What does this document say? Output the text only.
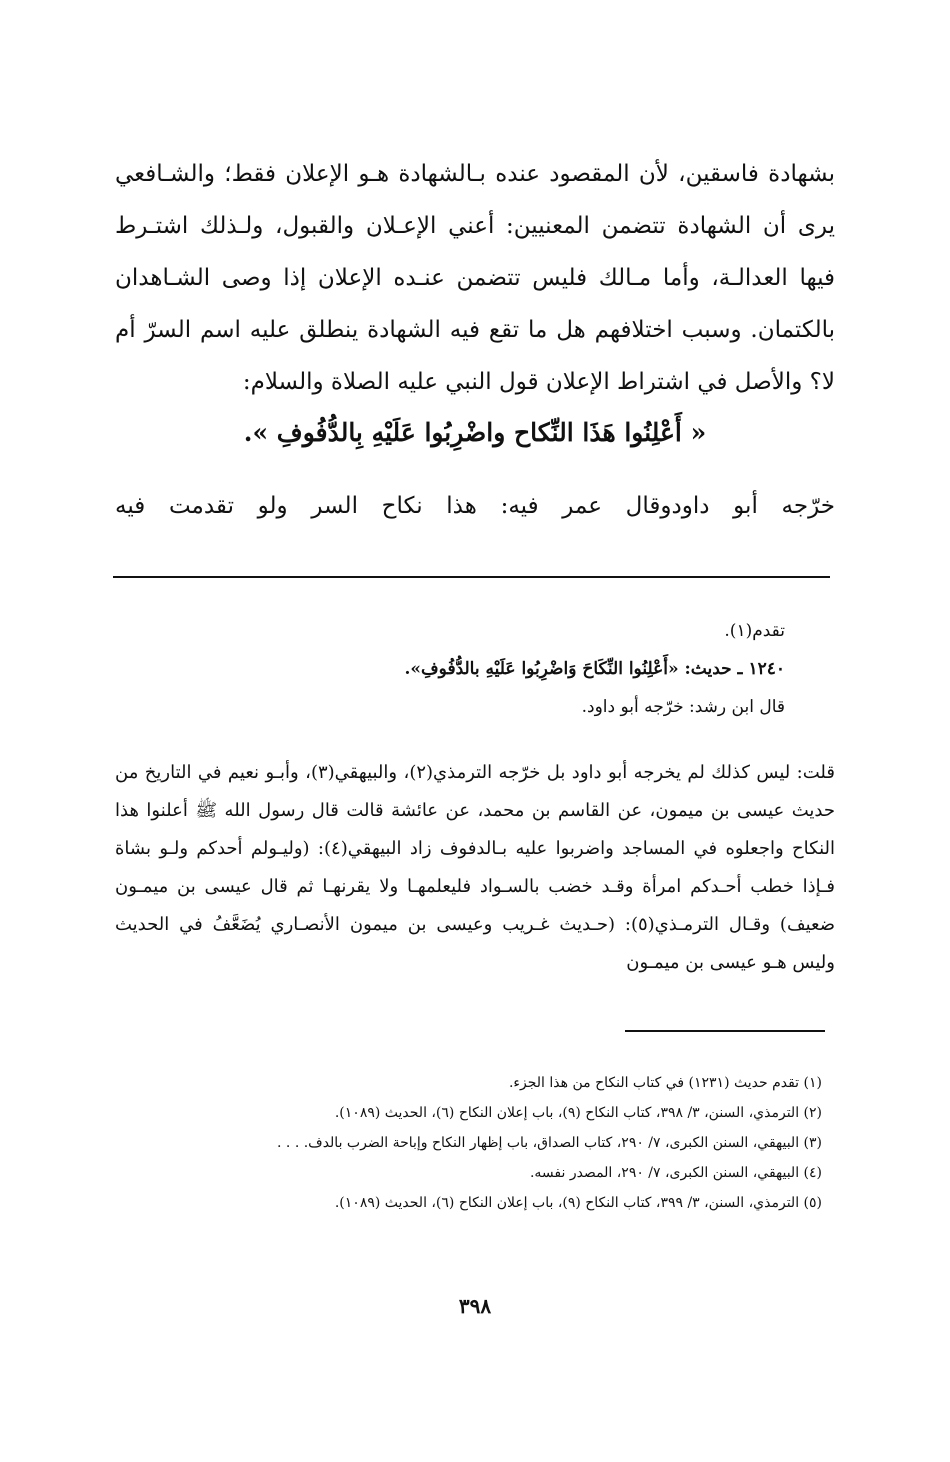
بشهادة فاسقين، لأن المقصود عنده بـالشهادة هـو الإعلان فقط؛ والشـافعي يرى أن الشهادة تتضمن المعنيين: أعني الإعـلان والقبول، ولـذلك اشتـرط فيها العدالـة، وأما مـالك فليس تتضمن عنـده الإعلان إذا وصى الشـاهدان بالكتمان. وسبب اختلافهم هل ما تقع فيه الشهادة ينطلق عليه اسم السرّ أم لا؟ والأصل في اشتراط الإعلان قول النبي عليه الصلاة والسلام:

« أَعْلِنُوا هَذَا النِّكاح واضْرِبُوا عَلَيْهِ بِالدُّفُوفِ ».
خرّجه أبو داودوقال عمر فيه: هذا نكاح السر ولو تقدمت فيه
تقدم(١).
١٢٤٠ ـ حديث: «أَعْلِنُوا النِّكَاحَ وَاضْرِبُوا عَلَيْهِ بالدُّفُوفِ».
قال ابن رشد: خرّجه أبو داود.
قلت: ليس كذلك لم يخرجه أبو داود بل خرّجه الترمذي(٢)، والبيهقي(٣)، وأبـو نعيم في التاريخ من حديث عيسى بن ميمون، عن القاسم بن محمد، عن عائشة قالت قال رسول الله ﷺ أعلنوا هذا النكاح واجعلوه في المساجد واضربوا عليه بـالدفوف زاد البيهقي(٤): (وليـولم أحدكم ولـو بشاة فـإذا خطب أحـدكم امرأة وقـد خضب بالسـواد فليعلمهـا ولا يقرنهـا ثم قال عيسى بن ميمـون ضعيف) وقـال الترمـذي(٥): (حـديث غـريب وعيسى بن ميمون الأنصـاري يُضَعَّفُ في الحديث وليس هـو عيسى بن ميمـون
(١) تقدم حديث (١٢٣١) في كتاب النكاح من هذا الجزء.
(٢) الترمذي، السنن، ٣/ ٣٩٨، كتاب النكاح (٩)، باب إعلان النكاح (٦)، الحديث (١٠٨٩).
(٣) البيهقي، السنن الكبرى، ٧/ ٢٩٠، كتاب الصداق، باب إظهار النكاح وإباحة الضرب بالدف. . . .
(٤) البيهقي، السنن الكبرى، ٧/ ٢٩٠، المصدر نفسه.
(٥) الترمذي، السنن، ٣/ ٣٩٩، كتاب النكاح (٩)، باب إعلان النكاح (٦)، الحديث (١٠٨٩).
٣٩٨
